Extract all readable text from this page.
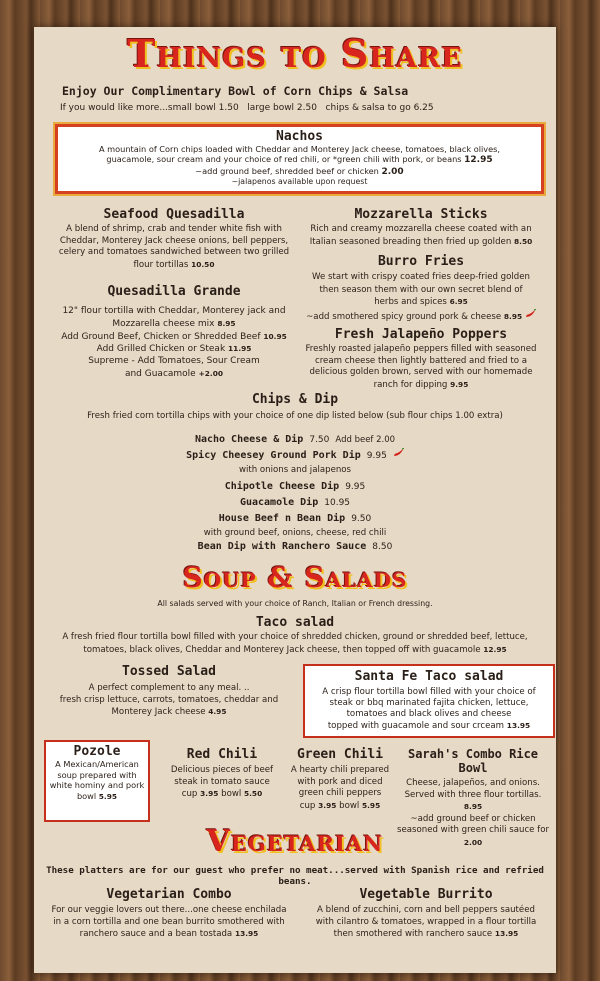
Things to Share
Enjoy Our Complimentary Bowl of Corn Chips & Salsa
If you would like more...small bowl 1.50   large bowl 2.50   chips & salsa to go 6.25
Nachos
A mountain of Corn chips loaded with Cheddar and Monterey Jack cheese, tomatoes, black olives,
guacamole, sour cream and your choice of red chili, or *green chili with pork, or beans 12.95
~add ground beef, shredded beef or chicken 2.00
~jalapenos available upon request
Seafood Quesadilla
A blend of shrimp, crab and tender white fish with Cheddar, Monterey Jack cheese onions, bell peppers, celery and tomatoes sandwiched between two grilled flour tortillas 10.50
Quesadilla Grande
12" flour tortilla with Cheddar, Monterey jack and
Mozzarella cheese mix 8.95
Add Ground Beef, Chicken or Shredded Beef 10.95
Add Grilled Chicken or Steak 11.95
Supreme - Add Tomatoes, Sour Cream
and Guacamole +2.00
Mozzarella Sticks
Rich and creamy mozzarella cheese coated with an Italian seasoned breading then fried up golden 8.50
Burro Fries
We start with crispy coated fries deep-fried golden then season them with our own secret blend of herbs and spices 6.95
~add smothered spicy ground pork & cheese 8.95
Fresh Jalapeño Poppers
Freshly roasted jalapeño peppers filled with seasoned cream cheese then lightly battered and fried to a delicious golden brown, served with our homemade ranch for dipping 9.95
Chips & Dip
Fresh fried corn tortilla chips with your choice of one dip listed below (sub flour chips 1.00 extra)
Nacho Cheese & Dip 7.50 Add beef 2.00
Spicy Cheesey Ground Pork Dip 9.95
with onions and jalapenos
Chipotle Cheese Dip 9.95
Guacamole Dip 10.95
House Beef n Bean Dip 9.50
with ground beef, onions, cheese, red chili
Bean Dip with Ranchero Sauce 8.50
Soup & Salads
All salads served with your choice of Ranch, Italian or French dressing.
Taco salad
A fresh fried flour tortilla bowl filled with your choice of shredded chicken, ground or shredded beef, lettuce,
tomatoes, black olives, Cheddar and Monterey Jack cheese, then topped off with guacamole 12.95
Tossed Salad
A perfect complement to any meal. ..
fresh crisp lettuce, carrots, tomatoes, cheddar and
Monterey Jack cheese 4.95
Santa Fe Taco salad
A crisp flour tortilla bowl filled with your choice of steak or bbq marinated fajita chicken, lettuce, tomatoes and black olives and cheese
topped with guacamole and sour crceam 13.95
Pozole
A Mexican/American soup prepared with white hominy and pork bowl 5.95
Red Chili
Delicious pieces of beef steak in tomato sauce
cup 3.95 bowl 5.50
Green Chili
A hearty chili prepared with pork and diced green chili peppers
cup 3.95 bowl 5.95
Sarah's Combo Rice Bowl
Cheese, jalapeños, and onions. Served with three flour tortillas. 8.95
~add ground beef or chicken seasoned with green chili sauce for 2.00
Vegetarian
These platters are for our guest who prefer no meat...served with Spanish rice and refried beans.
Vegetarian Combo
For our veggie lovers out there...one cheese enchilada in a corn tortilla and one bean burrito smothered with ranchero sauce and a bean tostada 13.95
Vegetable Burrito
A blend of zucchini, corn and bell peppers sautéed with cilantro & tomatoes, wrapped in a flour tortilla then smothered with ranchero sauce 13.95
